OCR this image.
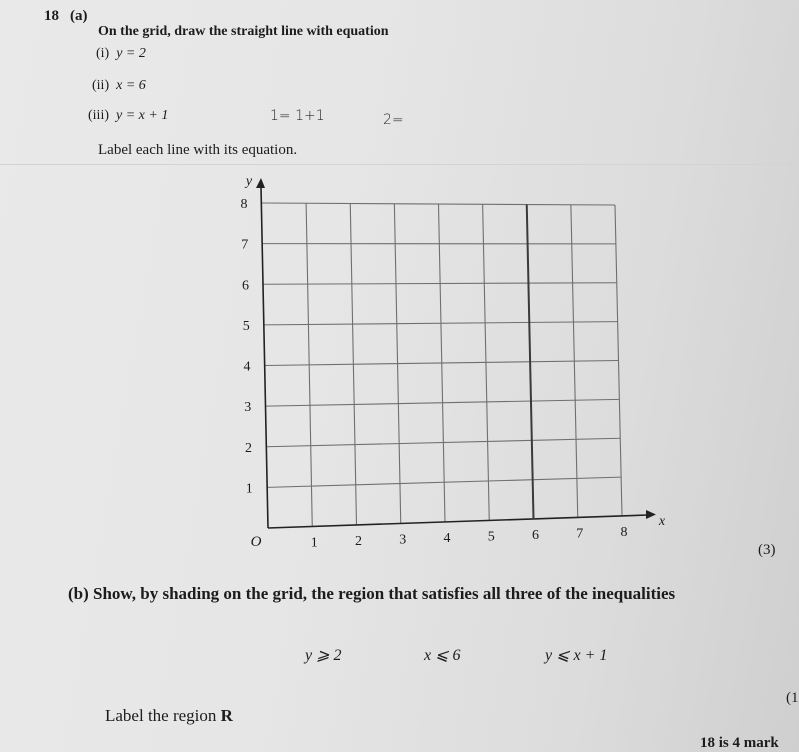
18 (a)
On the grid, draw the straight line with equation
(i) y = 2
(ii) x = 6
(iii) y = x + 1	1= 1+1	2=
Label each line with its equation.
1	2	3	4	5	6	7	8
1
2
3
4
5
6
7
8
O
x
y
(3)
(b) Show, by shading on the grid, the region that satisfies all three of the inequalities
y ⩾ 2	x ⩽ 6	y ⩽ x + 1
Label the region R
(1
18 is 4 mark
